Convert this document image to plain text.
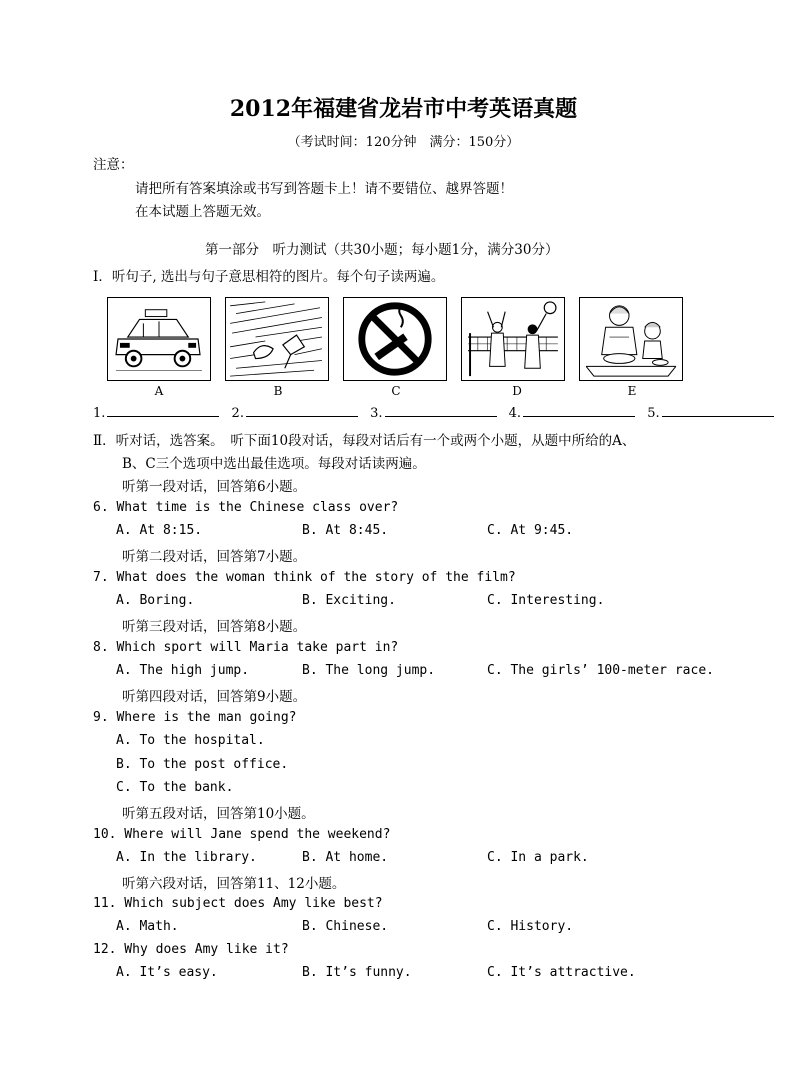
2012年福建省龙岩市中考英语真题
（考试时间：120分钟　满分：150分）
注意：
请把所有答案填涂或书写到答题卡上！请不要错位、越界答题！
在本试题上答题无效。
第一部分　听力测试（共30小题；每小题1分，满分30分）
Ⅰ．听句子, 选出与句子意思相符的图片。每个句子读两遍。
A	B	C	D	E
1.	2.	3.	4.	5.
Ⅱ．听对话，选答案。　听下面10段对话，每段对话后有一个或两个小题，从题中所给的A、
B、C三个选项中选出最佳选项。每段对话读两遍。
听第一段对话，回答第6小题。
6. What time is the Chinese class over?
A. At 8:15.	B. At 8:45.	C. At 9:45.
听第二段对话，回答第7小题。
7. What does the woman think of the story of the film?
A. Boring.	B. Exciting.	C. Interesting.
听第三段对话，回答第8小题。
8. Which sport will Maria take part in?
A. The high jump.	B. The long jump.	C. The girls’ 100-meter race.
听第四段对话，回答第9小题。
9. Where is the man going?
A. To the hospital.
B. To the post office.
C. To the bank.
听第五段对话，回答第10小题。
10. Where will Jane spend the weekend?
A. In the library.	B. At home.	C. In a park.
听第六段对话，回答第11、12小题。
11. Which subject does Amy like best?
A. Math.	B. Chinese.	C. History.
12. Why does Amy like it?
A. It’s easy.	B. It’s funny.	C. It’s attractive.
